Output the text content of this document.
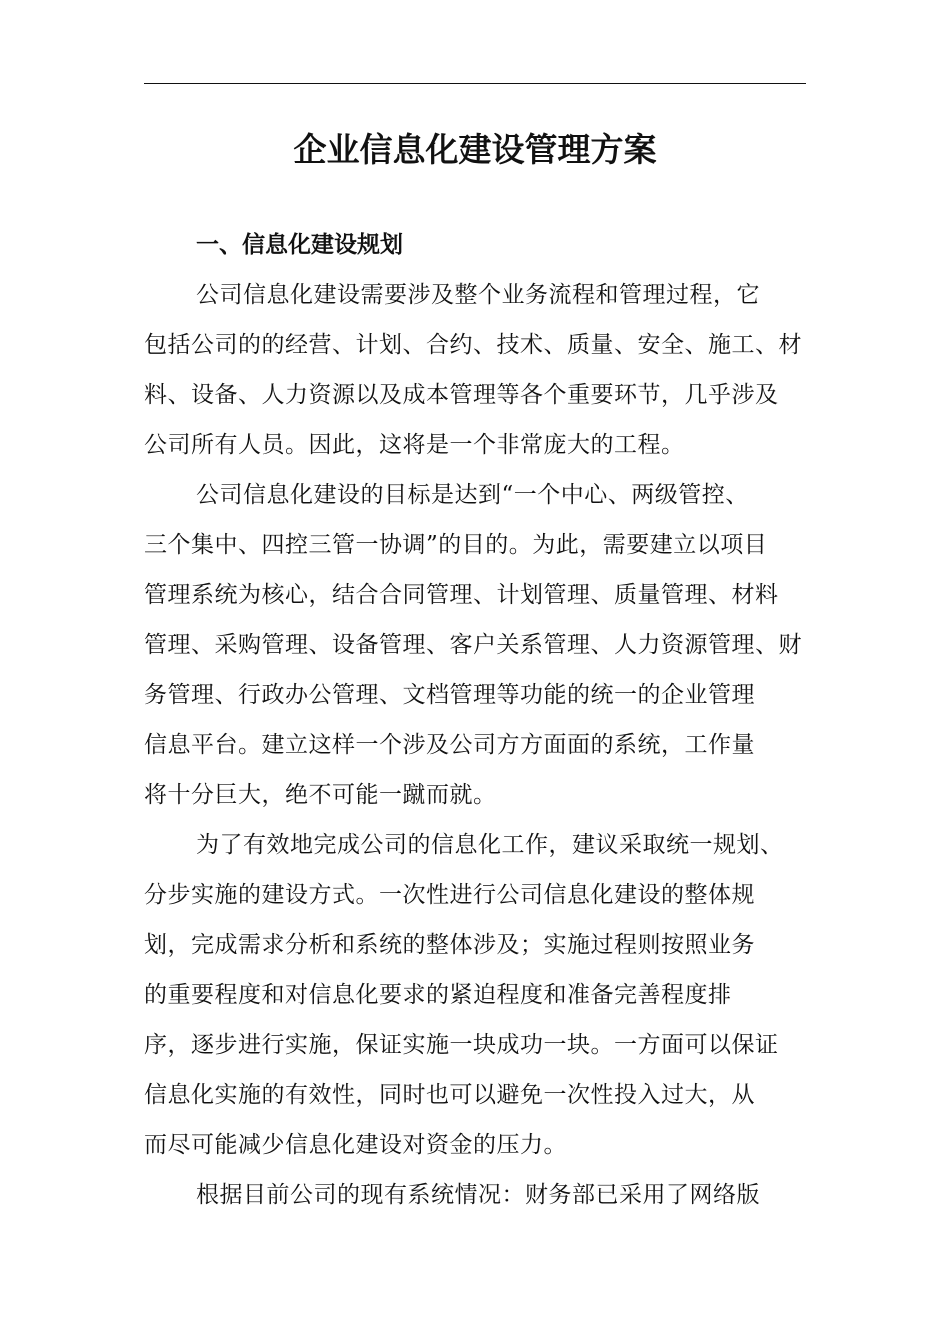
企业信息化建设管理方案
一、信息化建设规划
公司信息化建设需要涉及整个业务流程和管理过程，它
包括公司的的经营、计划、合约、技术、质量、安全、施工、材
料、设备、人力资源以及成本管理等各个重要环节，几乎涉及
公司所有人员。因此，这将是一个非常庞大的工程。
公司信息化建设的目标是达到“一个中心、两级管控、
三个集中、四控三管一协调”的目的。为此，需要建立以项目
管理系统为核心，结合合同管理、计划管理、质量管理、材料
管理、采购管理、设备管理、客户关系管理、人力资源管理、财
务管理、行政办公管理、文档管理等功能的统一的企业管理
信息平台。建立这样一个涉及公司方方面面的系统，工作量
将十分巨大，绝不可能一蹴而就。
为了有效地完成公司的信息化工作，建议采取统一规划、
分步实施的建设方式。一次性进行公司信息化建设的整体规
划，完成需求分析和系统的整体涉及；实施过程则按照业务
的重要程度和对信息化要求的紧迫程度和准备完善程度排
序，逐步进行实施，保证实施一块成功一块。一方面可以保证
信息化实施的有效性，同时也可以避免一次性投入过大，从
而尽可能减少信息化建设对资金的压力。
根据目前公司的现有系统情况：财务部已采用了网络版
